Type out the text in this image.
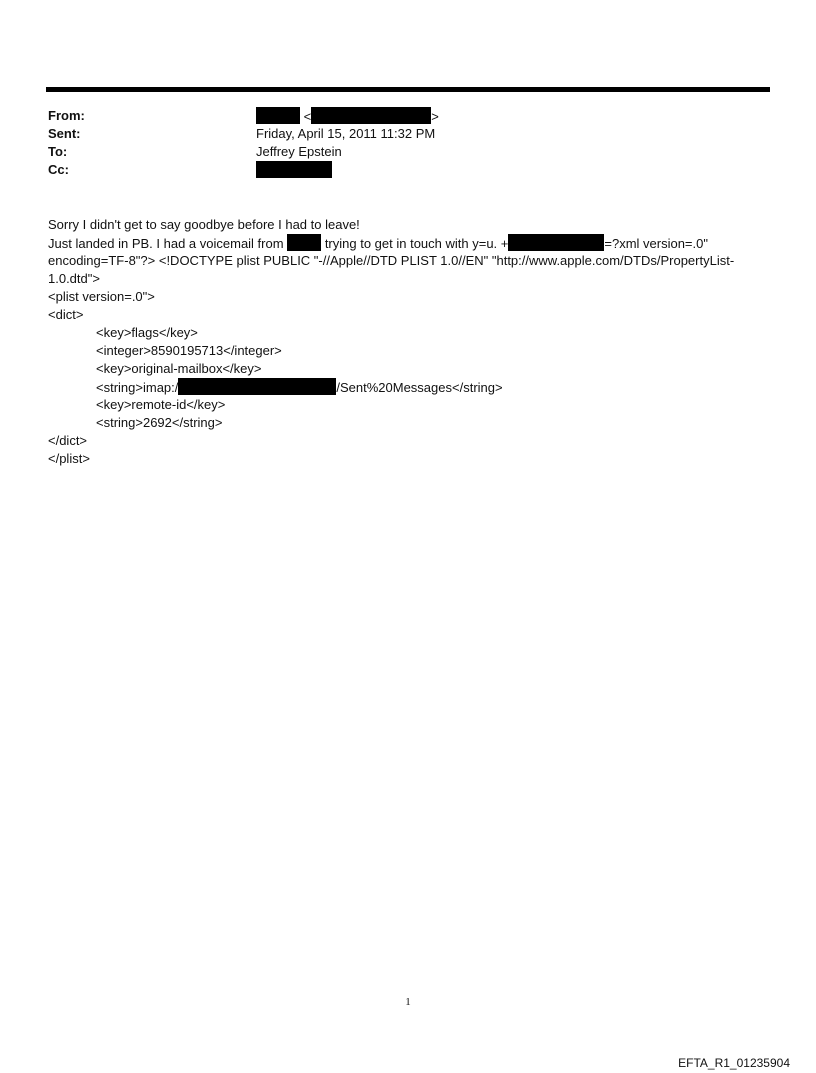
From:	<	>
Sent:	Friday, April 15, 2011 11:32 PM
To:	Jeffrey Epstein
Cc:
Sorry I didn't get to say goodbye before I had to leave!
Just landed in PB. I had a voicemail from	trying to get in touch with y=u. +	=?xml version=.0"
encoding=TF-8"?> <!DOCTYPE plist PUBLIC "-//Apple//DTD PLIST 1.0//EN" "http://www.apple.com/DTDs/PropertyList-
1.0.dtd">
<plist version=.0">
<dict>
<key>flags</key>
<integer>8590195713</integer>
<key>original-mailbox</key>
<string>imap:/	/Sent%20Messages</string>
<key>remote-id</key>
<string>2692</string>
</dict>
</plist>
1
EFTA_R1_01235904
